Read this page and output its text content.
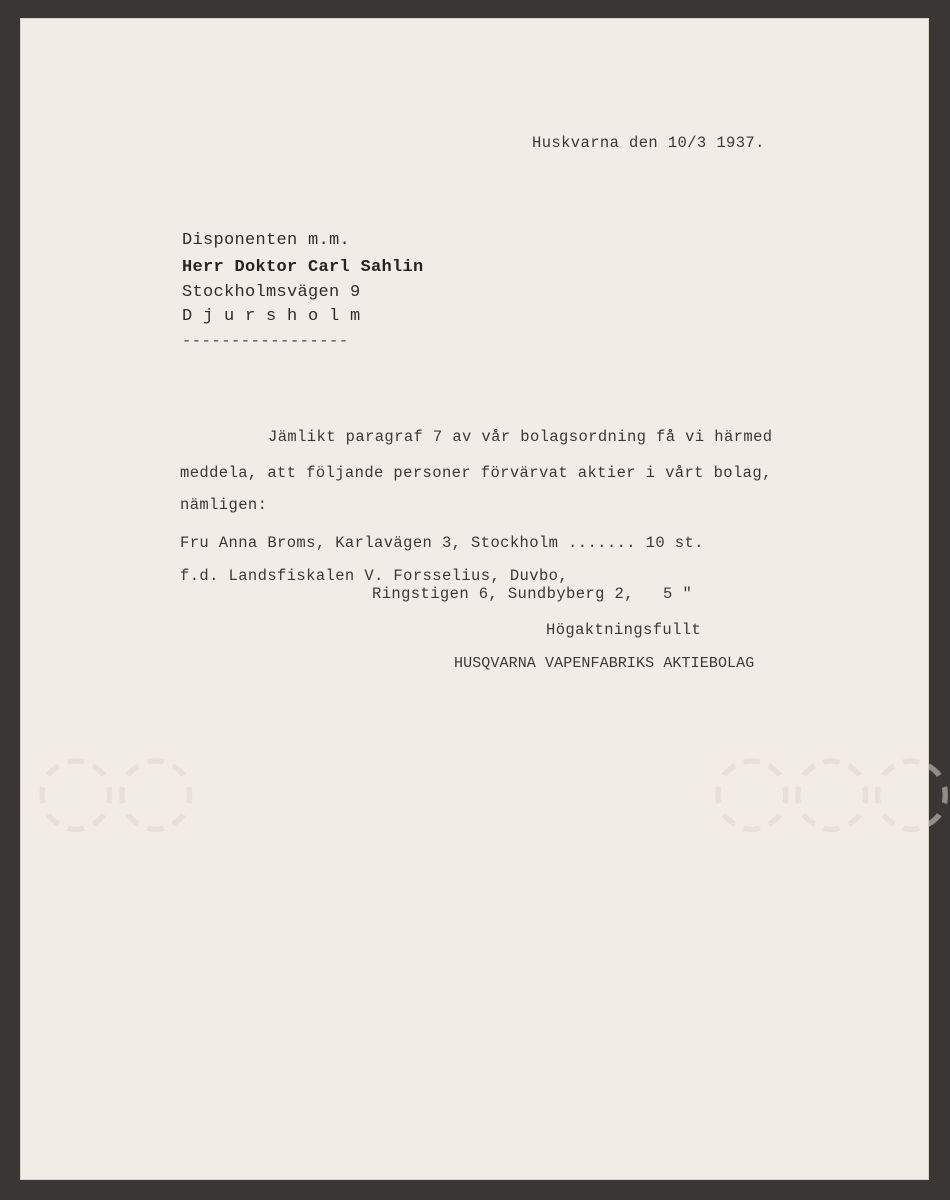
◌◌	◌◌◌
Huskvarna den 10/3 1937.
Disponenten m.m.
Herr Doktor Carl Sahlin
Stockholmsvägen 9
D j u r s h o l m
-----------------
Jämlikt paragraf 7 av vår bolagsordning få vi härmed
meddela, att följande personer förvärvat aktier i vårt bolag,
nämligen:
Fru Anna Broms, Karlavägen 3, Stockholm ....... 10 st.
f.d. Landsfiskalen V. Forsselius, Duvbo,
Ringstigen 6, Sundbyberg 2,   5 "
Högaktningsfullt
HUSQVARNA VAPENFABRIKS AKTIEBOLAG
